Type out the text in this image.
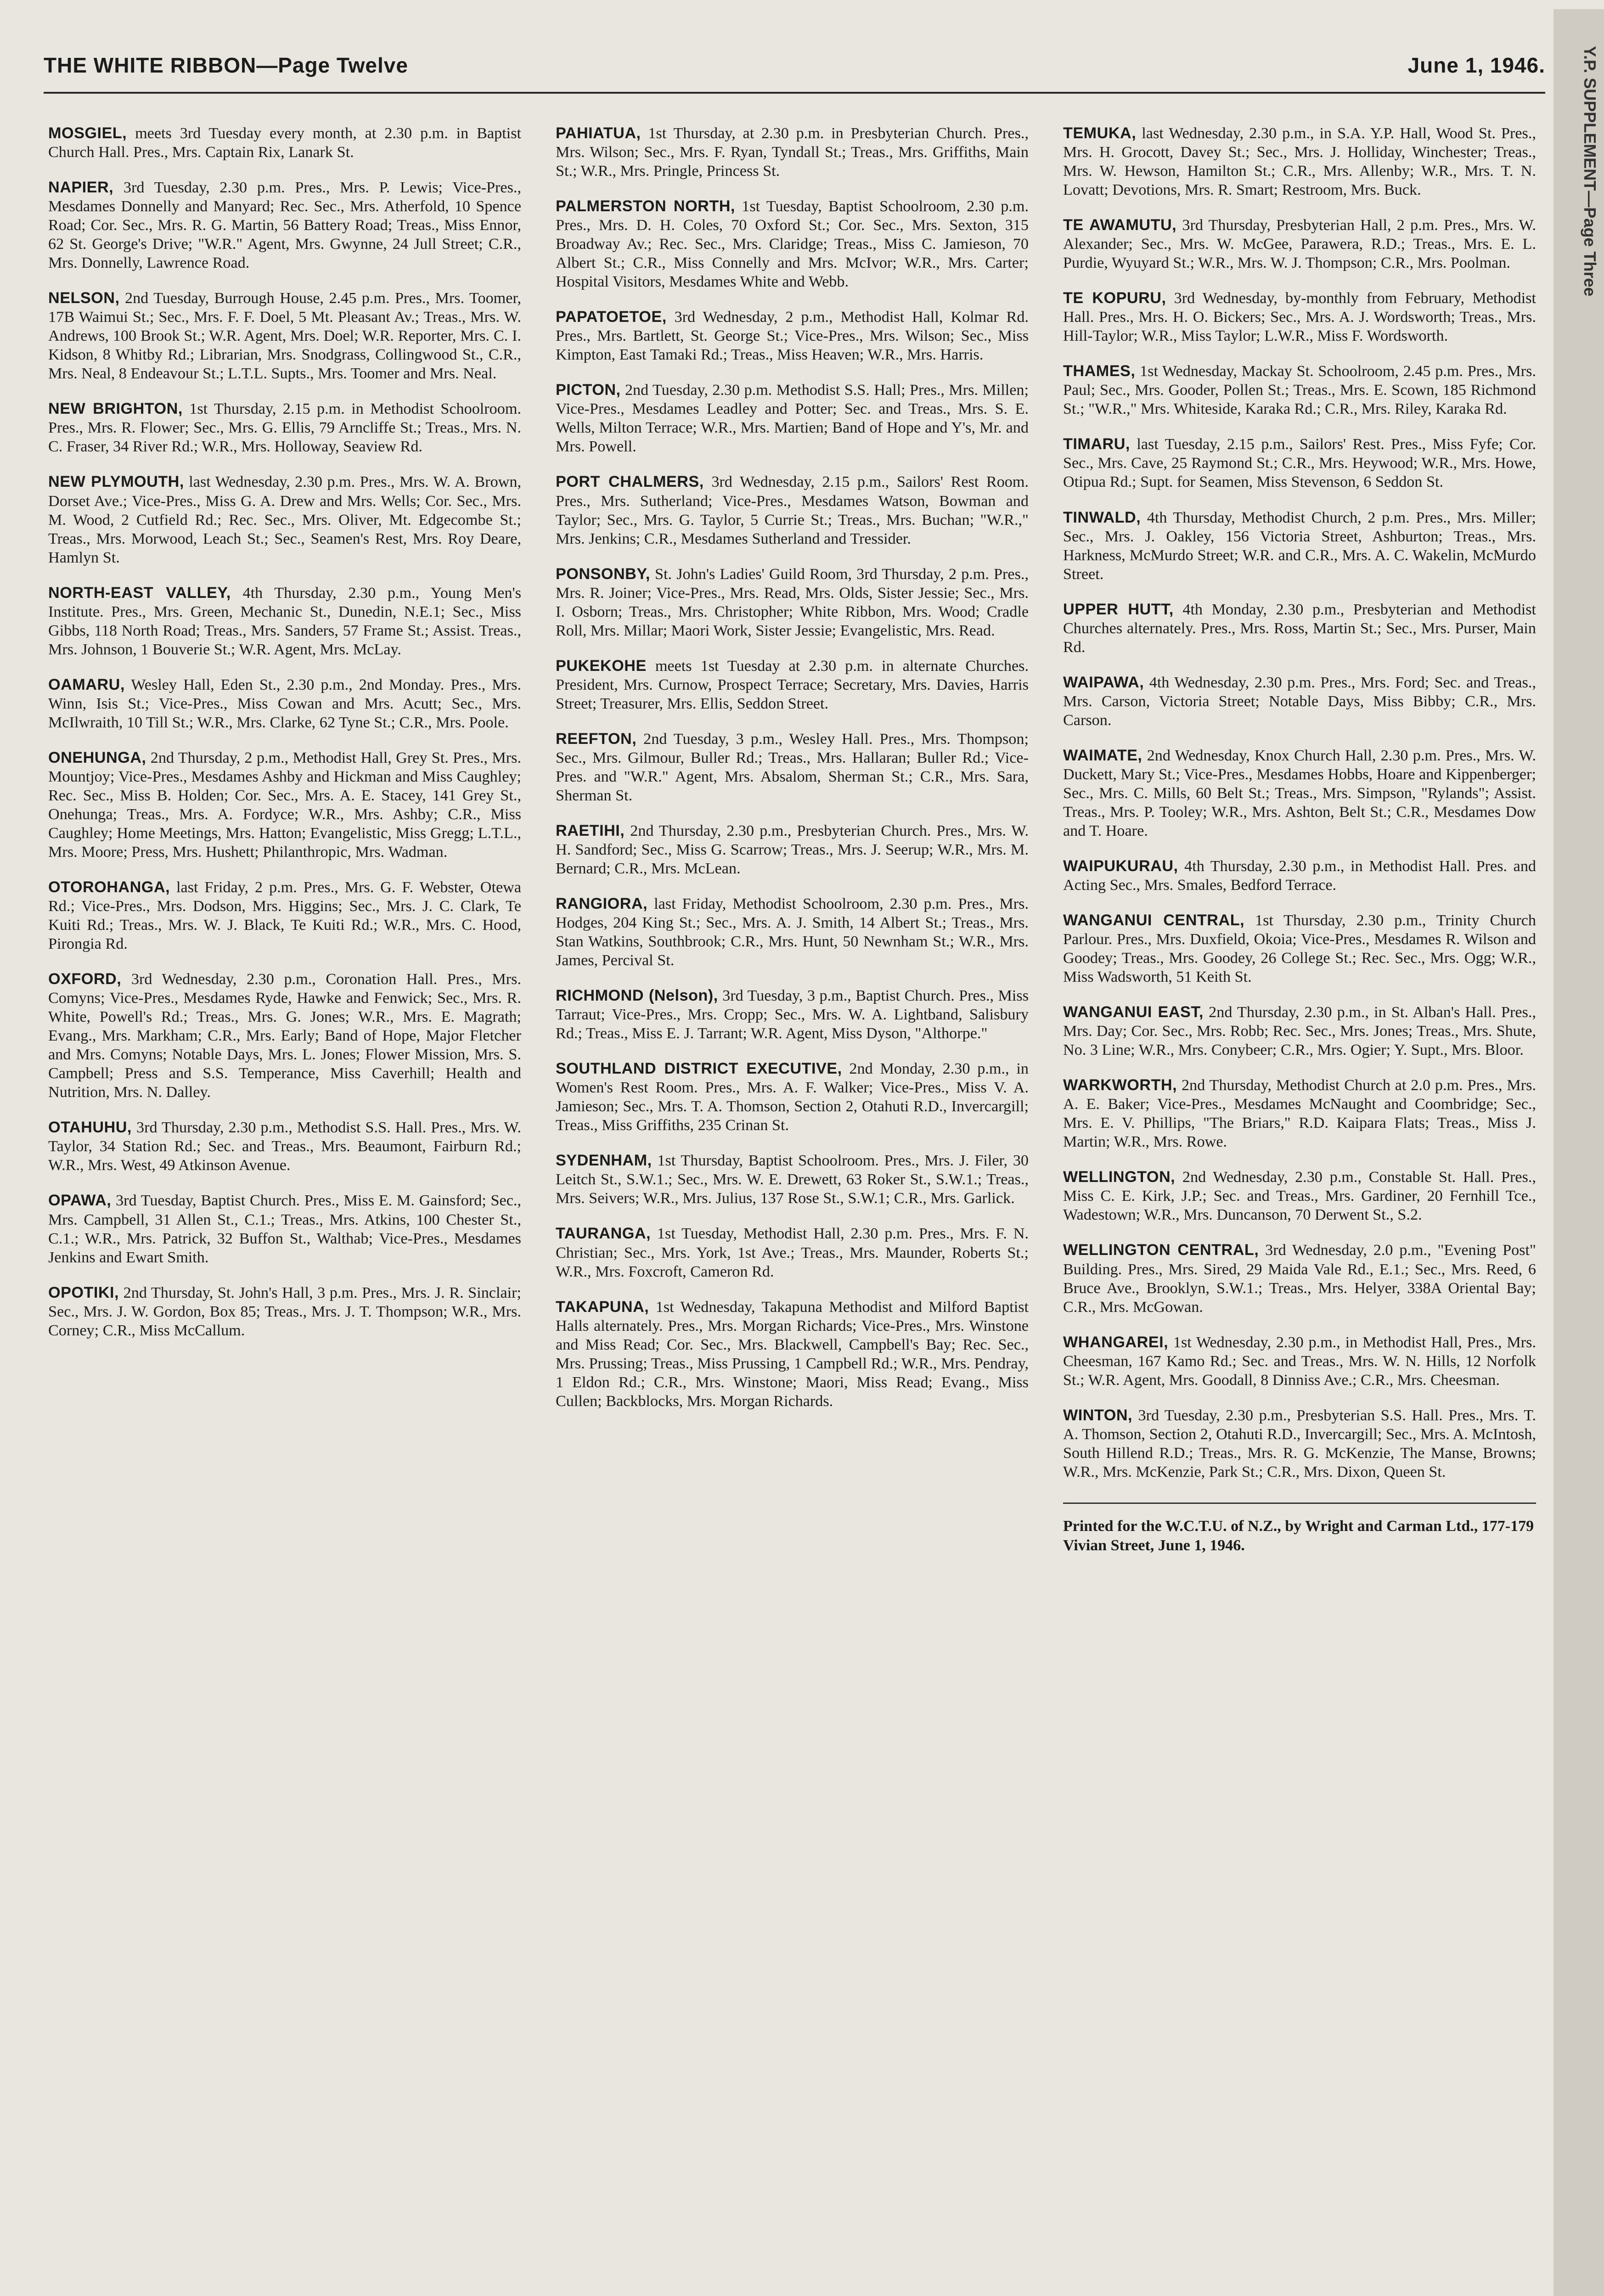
Y.P. SUPPLEMENT—Page Three
THE WHITE RIBBON—Page Twelve	June 1, 1946.

MOSGIEL, meets 3rd Tuesday every month, at 2.30 p.m. in Baptist Church Hall. Pres., Mrs. Captain Rix, Lanark St.

NAPIER, 3rd Tuesday, 2.30 p.m. Pres., Mrs. P. Lewis; Vice-Pres., Mesdames Donnelly and Manyard; Rec. Sec., Mrs. Atherfold, 10 Spence Road; Cor. Sec., Mrs. R. G. Martin, 56 Battery Road; Treas., Miss Ennor, 62 St. George's Drive; "W.R." Agent, Mrs. Gwynne, 24 Jull Street; C.R., Mrs. Donnelly, Lawrence Road.

NELSON, 2nd Tuesday, Burrough House, 2.45 p.m. Pres., Mrs. Toomer, 17B Waimui St.; Sec., Mrs. F. F. Doel, 5 Mt. Pleasant Av.; Treas., Mrs. W. Andrews, 100 Brook St.; W.R. Agent, Mrs. Doel; W.R. Reporter, Mrs. C. I. Kidson, 8 Whitby Rd.; Librarian, Mrs. Snodgrass, Collingwood St., C.R., Mrs. Neal, 8 Endeavour St.; L.T.L. Supts., Mrs. Toomer and Mrs. Neal.

NEW BRIGHTON, 1st Thursday, 2.15 p.m. in Methodist Schoolroom. Pres., Mrs. R. Flower; Sec., Mrs. G. Ellis, 79 Arncliffe St.; Treas., Mrs. N. C. Fraser, 34 River Rd.; W.R., Mrs. Holloway, Seaview Rd.

NEW PLYMOUTH, last Wednesday, 2.30 p.m. Pres., Mrs. W. A. Brown, Dorset Ave.; Vice-Pres., Miss G. A. Drew and Mrs. Wells; Cor. Sec., Mrs. M. Wood, 2 Cutfield Rd.; Rec. Sec., Mrs. Oliver, Mt. Edgecombe St.; Treas., Mrs. Morwood, Leach St.; Sec., Seamen's Rest, Mrs. Roy Deare, Hamlyn St.

NORTH-EAST VALLEY, 4th Thursday, 2.30 p.m., Young Men's Institute. Pres., Mrs. Green, Mechanic St., Dunedin, N.E.1; Sec., Miss Gibbs, 118 North Road; Treas., Mrs. Sanders, 57 Frame St.; Assist. Treas., Mrs. Johnson, 1 Bouverie St.; W.R. Agent, Mrs. McLay.

OAMARU, Wesley Hall, Eden St., 2.30 p.m., 2nd Monday. Pres., Mrs. Winn, Isis St.; Vice-Pres., Miss Cowan and Mrs. Acutt; Sec., Mrs. McIlwraith, 10 Till St.; W.R., Mrs. Clarke, 62 Tyne St.; C.R., Mrs. Poole.

ONEHUNGA, 2nd Thursday, 2 p.m., Methodist Hall, Grey St. Pres., Mrs. Mountjoy; Vice-Pres., Mesdames Ashby and Hickman and Miss Caughley; Rec. Sec., Miss B. Holden; Cor. Sec., Mrs. A. E. Stacey, 141 Grey St., Onehunga; Treas., Mrs. A. Fordyce; W.R., Mrs. Ashby; C.R., Miss Caughley; Home Meetings, Mrs. Hatton; Evangelistic, Miss Gregg; L.T.L., Mrs. Moore; Press, Mrs. Hushett; Philanthropic, Mrs. Wadman.

OTOROHANGA, last Friday, 2 p.m. Pres., Mrs. G. F. Webster, Otewa Rd.; Vice-Pres., Mrs. Dodson, Mrs. Higgins; Sec., Mrs. J. C. Clark, Te Kuiti Rd.; Treas., Mrs. W. J. Black, Te Kuiti Rd.; W.R., Mrs. C. Hood, Pirongia Rd.

OXFORD, 3rd Wednesday, 2.30 p.m., Coronation Hall. Pres., Mrs. Comyns; Vice-Pres., Mesdames Ryde, Hawke and Fenwick; Sec., Mrs. R. White, Powell's Rd.; Treas., Mrs. G. Jones; W.R., Mrs. E. Magrath; Evang., Mrs. Markham; C.R., Mrs. Early; Band of Hope, Major Fletcher and Mrs. Comyns; Notable Days, Mrs. L. Jones; Flower Mission, Mrs. S. Campbell; Press and S.S. Temperance, Miss Caverhill; Health and Nutrition, Mrs. N. Dalley.

OTAHUHU, 3rd Thursday, 2.30 p.m., Methodist S.S. Hall. Pres., Mrs. W. Taylor, 34 Station Rd.; Sec. and Treas., Mrs. Beaumont, Fairburn Rd.; W.R., Mrs. West, 49 Atkinson Avenue.

OPAWA, 3rd Tuesday, Baptist Church. Pres., Miss E. M. Gainsford; Sec., Mrs. Campbell, 31 Allen St., C.1.; Treas., Mrs. Atkins, 100 Chester St., C.1.; W.R., Mrs. Patrick, 32 Buffon St., Walthab; Vice-Pres., Mesdames Jenkins and Ewart Smith.

OPOTIKI, 2nd Thursday, St. John's Hall, 3 p.m. Pres., Mrs. J. R. Sinclair; Sec., Mrs. J. W. Gordon, Box 85; Treas., Mrs. J. T. Thompson; W.R., Mrs. Corney; C.R., Miss McCallum.

PAHIATUA, 1st Thursday, at 2.30 p.m. in Presbyterian Church. Pres., Mrs. Wilson; Sec., Mrs. F. Ryan, Tyndall St.; Treas., Mrs. Griffiths, Main St.; W.R., Mrs. Pringle, Princess St.

PALMERSTON NORTH, 1st Tuesday, Baptist Schoolroom, 2.30 p.m. Pres., Mrs. D. H. Coles, 70 Oxford St.; Cor. Sec., Mrs. Sexton, 315 Broadway Av.; Rec. Sec., Mrs. Claridge; Treas., Miss C. Jamieson, 70 Albert St.; C.R., Miss Connelly and Mrs. McIvor; W.R., Mrs. Carter; Hospital Visitors, Mesdames White and Webb.

PAPATOETOE, 3rd Wednesday, 2 p.m., Methodist Hall, Kolmar Rd. Pres., Mrs. Bartlett, St. George St.; Vice-Pres., Mrs. Wilson; Sec., Miss Kimpton, East Tamaki Rd.; Treas., Miss Heaven; W.R., Mrs. Harris.

PICTON, 2nd Tuesday, 2.30 p.m. Methodist S.S. Hall; Pres., Mrs. Millen; Vice-Pres., Mesdames Leadley and Potter; Sec. and Treas., Mrs. S. E. Wells, Milton Terrace; W.R., Mrs. Martien; Band of Hope and Y's, Mr. and Mrs. Powell.

PORT CHALMERS, 3rd Wednesday, 2.15 p.m., Sailors' Rest Room. Pres., Mrs. Sutherland; Vice-Pres., Mesdames Watson, Bowman and Taylor; Sec., Mrs. G. Taylor, 5 Currie St.; Treas., Mrs. Buchan; "W.R.," Mrs. Jenkins; C.R., Mesdames Sutherland and Tressider.

PONSONBY, St. John's Ladies' Guild Room, 3rd Thursday, 2 p.m. Pres., Mrs. R. Joiner; Vice-Pres., Mrs. Read, Mrs. Olds, Sister Jessie; Sec., Mrs. I. Osborn; Treas., Mrs. Christopher; White Ribbon, Mrs. Wood; Cradle Roll, Mrs. Millar; Maori Work, Sister Jessie; Evangelistic, Mrs. Read.

PUKEKOHE meets 1st Tuesday at 2.30 p.m. in alternate Churches. President, Mrs. Curnow, Prospect Terrace; Secretary, Mrs. Davies, Harris Street; Treasurer, Mrs. Ellis, Seddon Street.

REEFTON, 2nd Tuesday, 3 p.m., Wesley Hall. Pres., Mrs. Thompson; Sec., Mrs. Gilmour, Buller Rd.; Treas., Mrs. Hallaran; Buller Rd.; Vice-Pres. and "W.R." Agent, Mrs. Absalom, Sherman St.; C.R., Mrs. Sara, Sherman St.

RAETIHI, 2nd Thursday, 2.30 p.m., Presbyterian Church. Pres., Mrs. W. H. Sandford; Sec., Miss G. Scarrow; Treas., Mrs. J. Seerup; W.R., Mrs. M. Bernard; C.R., Mrs. McLean.

RANGIORA, last Friday, Methodist Schoolroom, 2.30 p.m. Pres., Mrs. Hodges, 204 King St.; Sec., Mrs. A. J. Smith, 14 Albert St.; Treas., Mrs. Stan Watkins, Southbrook; C.R., Mrs. Hunt, 50 Newnham St.; W.R., Mrs. James, Percival St.

RICHMOND (Nelson), 3rd Tuesday, 3 p.m., Baptist Church. Pres., Miss Tarraut; Vice-Pres., Mrs. Cropp; Sec., Mrs. W. A. Lightband, Salisbury Rd.; Treas., Miss E. J. Tarrant; W.R. Agent, Miss Dyson, "Althorpe."

SOUTHLAND DISTRICT EXECUTIVE, 2nd Monday, 2.30 p.m., in Women's Rest Room. Pres., Mrs. A. F. Walker; Vice-Pres., Miss V. A. Jamieson; Sec., Mrs. T. A. Thomson, Section 2, Otahuti R.D., Invercargill; Treas., Miss Griffiths, 235 Crinan St.

SYDENHAM, 1st Thursday, Baptist Schoolroom. Pres., Mrs. J. Filer, 30 Leitch St., S.W.1.; Sec., Mrs. W. E. Drewett, 63 Roker St., S.W.1.; Treas., Mrs. Seivers; W.R., Mrs. Julius, 137 Rose St., S.W.1; C.R., Mrs. Garlick.

TAURANGA, 1st Tuesday, Methodist Hall, 2.30 p.m. Pres., Mrs. F. N. Christian; Sec., Mrs. York, 1st Ave.; Treas., Mrs. Maunder, Roberts St.; W.R., Mrs. Foxcroft, Cameron Rd.

TAKAPUNA, 1st Wednesday, Takapuna Methodist and Milford Baptist Halls alternately. Pres., Mrs. Morgan Richards; Vice-Pres., Mrs. Winstone and Miss Read; Cor. Sec., Mrs. Blackwell, Campbell's Bay; Rec. Sec., Mrs. Prussing; Treas., Miss Prussing, 1 Campbell Rd.; W.R., Mrs. Pendray, 1 Eldon Rd.; C.R., Mrs. Winstone; Maori, Miss Read; Evang., Miss Cullen; Backblocks, Mrs. Morgan Richards.

TEMUKA, last Wednesday, 2.30 p.m., in S.A. Y.P. Hall, Wood St. Pres., Mrs. H. Grocott, Davey St.; Sec., Mrs. J. Holliday, Winchester; Treas., Mrs. W. Hewson, Hamilton St.; C.R., Mrs. Allenby; W.R., Mrs. T. N. Lovatt; Devotions, Mrs. R. Smart; Restroom, Mrs. Buck.

TE AWAMUTU, 3rd Thursday, Presbyterian Hall, 2 p.m. Pres., Mrs. W. Alexander; Sec., Mrs. W. McGee, Parawera, R.D.; Treas., Mrs. E. L. Purdie, Wyuyard St.; W.R., Mrs. W. J. Thompson; C.R., Mrs. Poolman.

TE KOPURU, 3rd Wednesday, by-monthly from February, Methodist Hall. Pres., Mrs. H. O. Bickers; Sec., Mrs. A. J. Wordsworth; Treas., Mrs. Hill-Taylor; W.R., Miss Taylor; L.W.R., Miss F. Wordsworth.

THAMES, 1st Wednesday, Mackay St. Schoolroom, 2.45 p.m. Pres., Mrs. Paul; Sec., Mrs. Gooder, Pollen St.; Treas., Mrs. E. Scown, 185 Richmond St.; "W.R.," Mrs. Whiteside, Karaka Rd.; C.R., Mrs. Riley, Karaka Rd.

TIMARU, last Tuesday, 2.15 p.m., Sailors' Rest. Pres., Miss Fyfe; Cor. Sec., Mrs. Cave, 25 Raymond St.; C.R., Mrs. Heywood; W.R., Mrs. Howe, Otipua Rd.; Supt. for Seamen, Miss Stevenson, 6 Seddon St.

TINWALD, 4th Thursday, Methodist Church, 2 p.m. Pres., Mrs. Miller; Sec., Mrs. J. Oakley, 156 Victoria Street, Ashburton; Treas., Mrs. Harkness, McMurdo Street; W.R. and C.R., Mrs. A. C. Wakelin, McMurdo Street.

UPPER HUTT, 4th Monday, 2.30 p.m., Presbyterian and Methodist Churches alternately. Pres., Mrs. Ross, Martin St.; Sec., Mrs. Purser, Main Rd.

WAIPAWA, 4th Wednesday, 2.30 p.m. Pres., Mrs. Ford; Sec. and Treas., Mrs. Carson, Victoria Street; Notable Days, Miss Bibby; C.R., Mrs. Carson.

WAIMATE, 2nd Wednesday, Knox Church Hall, 2.30 p.m. Pres., Mrs. W. Duckett, Mary St.; Vice-Pres., Mesdames Hobbs, Hoare and Kippenberger; Sec., Mrs. C. Mills, 60 Belt St.; Treas., Mrs. Simpson, "Rylands"; Assist. Treas., Mrs. P. Tooley; W.R., Mrs. Ashton, Belt St.; C.R., Mesdames Dow and T. Hoare.

WAIPUKURAU, 4th Thursday, 2.30 p.m., in Methodist Hall. Pres. and Acting Sec., Mrs. Smales, Bedford Terrace.

WANGANUI CENTRAL, 1st Thursday, 2.30 p.m., Trinity Church Parlour. Pres., Mrs. Duxfield, Okoia; Vice-Pres., Mesdames R. Wilson and Goodey; Treas., Mrs. Goodey, 26 College St.; Rec. Sec., Mrs. Ogg; W.R., Miss Wadsworth, 51 Keith St.

WANGANUI EAST, 2nd Thursday, 2.30 p.m., in St. Alban's Hall. Pres., Mrs. Day; Cor. Sec., Mrs. Robb; Rec. Sec., Mrs. Jones; Treas., Mrs. Shute, No. 3 Line; W.R., Mrs. Conybeer; C.R., Mrs. Ogier; Y. Supt., Mrs. Bloor.

WARKWORTH, 2nd Thursday, Methodist Church at 2.0 p.m. Pres., Mrs. A. E. Baker; Vice-Pres., Mesdames McNaught and Coombridge; Sec., Mrs. E. V. Phillips, "The Briars," R.D. Kaipara Flats; Treas., Miss J. Martin; W.R., Mrs. Rowe.

WELLINGTON, 2nd Wednesday, 2.30 p.m., Constable St. Hall. Pres., Miss C. E. Kirk, J.P.; Sec. and Treas., Mrs. Gardiner, 20 Fernhill Tce., Wadestown; W.R., Mrs. Duncanson, 70 Derwent St., S.2.

WELLINGTON CENTRAL, 3rd Wednesday, 2.0 p.m., "Evening Post" Building. Pres., Mrs. Sired, 29 Maida Vale Rd., E.1.; Sec., Mrs. Reed, 6 Bruce Ave., Brooklyn, S.W.1.; Treas., Mrs. Helyer, 338A Oriental Bay; C.R., Mrs. McGowan.

WHANGAREI, 1st Wednesday, 2.30 p.m., in Methodist Hall, Pres., Mrs. Cheesman, 167 Kamo Rd.; Sec. and Treas., Mrs. W. N. Hills, 12 Norfolk St.; W.R. Agent, Mrs. Goodall, 8 Dinniss Ave.; C.R., Mrs. Cheesman.

WINTON, 3rd Tuesday, 2.30 p.m., Presbyterian S.S. Hall. Pres., Mrs. T. A. Thomson, Section 2, Otahuti R.D., Invercargill; Sec., Mrs. A. McIntosh, South Hillend R.D.; Treas., Mrs. R. G. McKenzie, The Manse, Browns; W.R., Mrs. McKenzie, Park St.; C.R., Mrs. Dixon, Queen St.

Printed for the W.C.T.U. of N.Z., by Wright and Carman Ltd., 177-179 Vivian Street, June 1, 1946.
